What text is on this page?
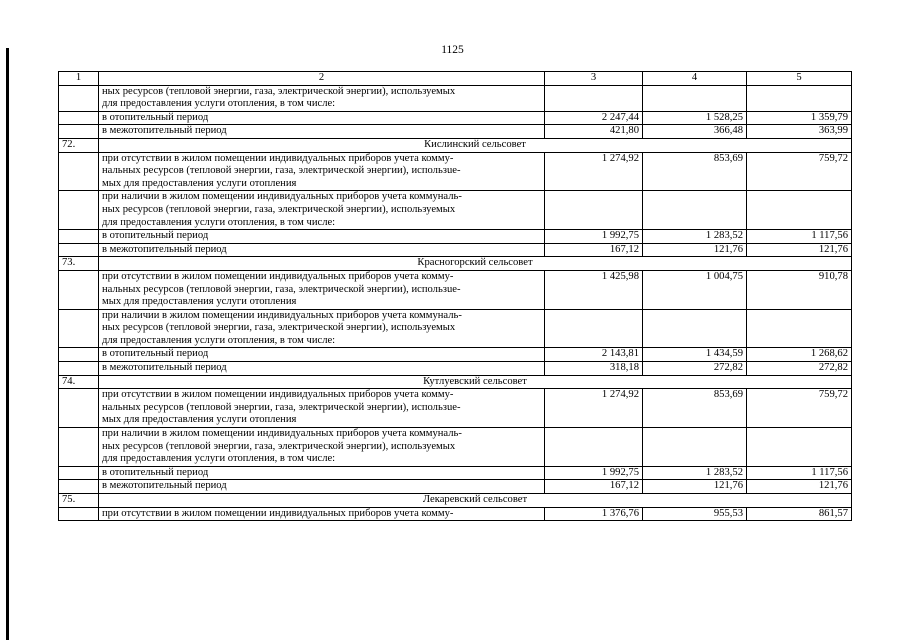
1125
1	2	3	4	5

	ных ресурсов (тепловой энергии, газа, электрической энергии), используемых
для предоставления услуги отопления, в том числе:			

	в отопительный период	2 247,44	1 528,25	1 359,79

	в межотопительный период	421,80	366,48	363,99
72.	Кислинский сельсовет			

	при отсутствии в жилом помещении индивидуальных приборов учета комму-
нальных ресурсов (тепловой энергии, газа, электрической энергии), использue-
мых для предоставления услуги отопления	1 274,92	853,69	759,72

	при наличии в жилом помещении индивидуальных приборов учета коммуналь-
ных ресурсов (тепловой энергии, газа, электрической энергии), используемых
для предоставления услуги отопления, в том числе:			

	в отопительный период	1 992,75	1 283,52	1 117,56

	в межотопительный период	167,12	121,76	121,76
73.	Красногорский сельсовет			

	при отсутствии в жилом помещении индивидуальных приборов учета комму-
нальных ресурсов (тепловой энергии, газа, электрической энергии), использue-
мых для предоставления услуги отопления	1 425,98	1 004,75	910,78

	при наличии в жилом помещении индивидуальных приборов учета коммуналь-
ных ресурсов (тепловой энергии, газа, электрической энергии), используемых
для предоставления услуги отопления, в том числе:			

	в отопительный период	2 143,81	1 434,59	1 268,62

	в межотопительный период	318,18	272,82	272,82
74.	Кутлуевский сельсовет			

	при отсутствии в жилом помещении индивидуальных приборов учета комму-
нальных ресурсов (тепловой энергии, газа, электрической энергии), использue-
мых для предоставления услуги отопления	1 274,92	853,69	759,72

	при наличии в жилом помещении индивидуальных приборов учета коммуналь-
ных ресурсов (тепловой энергии, газа, электрической энергии), используемых
для предоставления услуги отопления, в том числе:			

	в отопительный период	1 992,75	1 283,52	1 117,56

	в межотопительный период	167,12	121,76	121,76
75.	Лекаревский сельсовет			

	при отсутствии в жилом помещении индивидуальных приборов учета комму-	1 376,76	955,53	861,57
